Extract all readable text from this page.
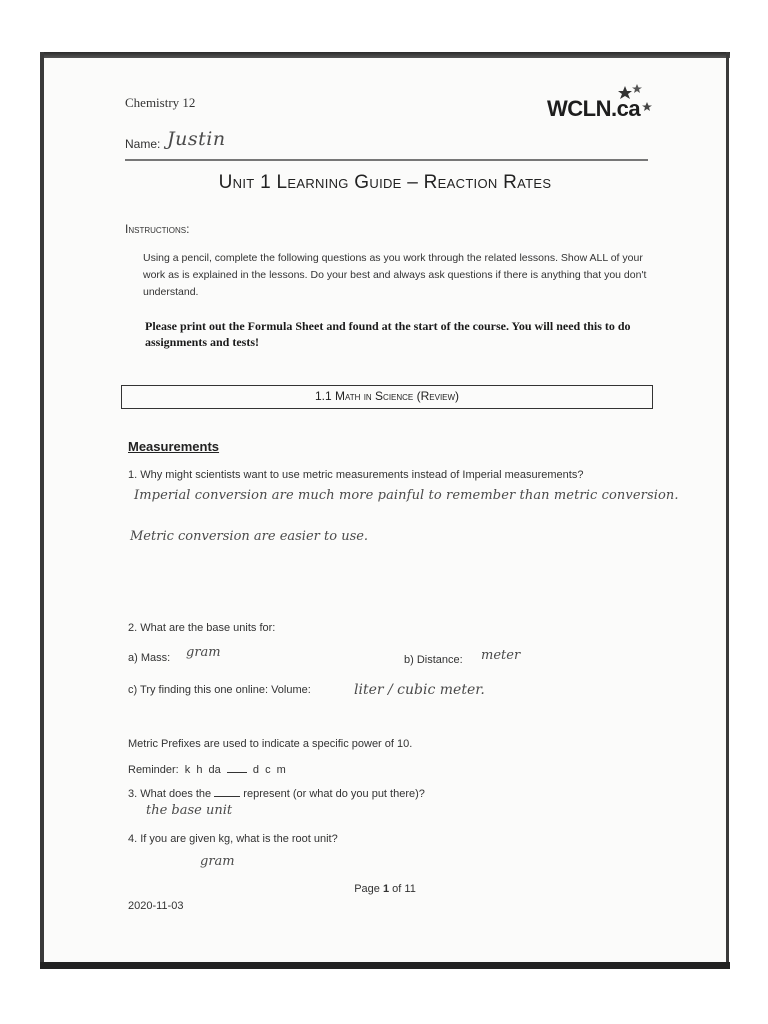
Chemistry 12	WCLN.ca
Name: Justin
Unit 1 Learning Guide – Reaction Rates
Instructions:
Using a pencil, complete the following questions as you work through the related lessons. Show ALL of your work as is explained in the lessons. Do your best and always ask questions if there is anything that you don't understand.
Please print out the Formula Sheet and found at the start of the course. You will need this to do assignments and tests!
1.1 Math in Science (Review)
Measurements
1. Why might scientists want to use metric measurements instead of Imperial measurements?
Imperial conversion are much more painful to remember than metric conversion.
Metric conversion are easier to use.
2. What are the base units for:
a) Mass: gram	b) Distance: meter
c) Try finding this one online: Volume:	liter / cubic meter.
Metric Prefixes are used to indicate a specific power of 10.
Reminder: k h da	d c m
3. What does the	represent (or what do you put there)?
the base unit
4. If you are given kg, what is the root unit?
gram
Page 1 of 11
2020-11-03
